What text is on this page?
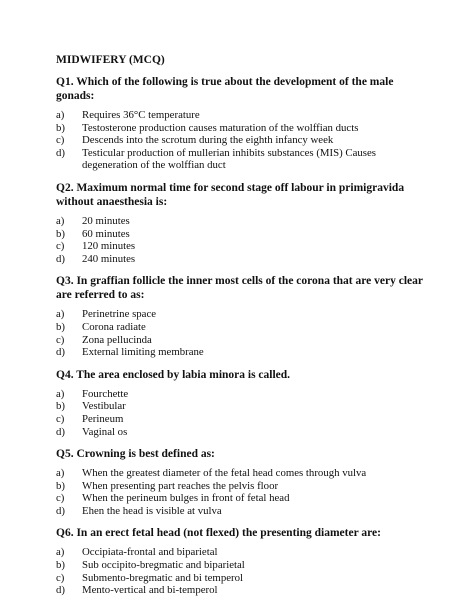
MIDWIFERY (MCQ)
Q1. Which of the following is true about the development of the male gonads:
a)	Requires 36°C temperature
b)	Testosterone production causes maturation of the wolffian ducts
c)	Descends into the scrotum during the eighth infancy week
d)	Testicular production of mullerian inhibits substances (MIS) Causes degeneration of the wolffian duct
Q2. Maximum normal time for second stage off labour in primigravida without anaesthesia is:
a)	20 minutes
b)	60 minutes
c)	120 minutes
d)	240 minutes
Q3. In graffian follicle the inner most cells of the corona that are very clear are referred to as:
a)	Perinetrine space
b)	Corona radiate
c)	Zona pellucinda
d)	External limiting membrane
Q4. The area enclosed by labia minora is called.
a)	Fourchette
b)	Vestibular
c)	Perineum
d)	Vaginal os
Q5. Crowning is best defined as:
a)	When the greatest diameter of the fetal head comes through vulva
b)	When presenting part reaches the pelvis floor
c)	When the perineum bulges in front of fetal head
d)	Ehen the head is visible at vulva
Q6. In an erect fetal head (not flexed) the presenting diameter are:
a)	Occipiata-frontal and biparietal
b)	Sub occipito-bregmatic and biparietal
c)	Submento-bregmatic and bi temperol
d)	Mento-vertical and bi-temperol
